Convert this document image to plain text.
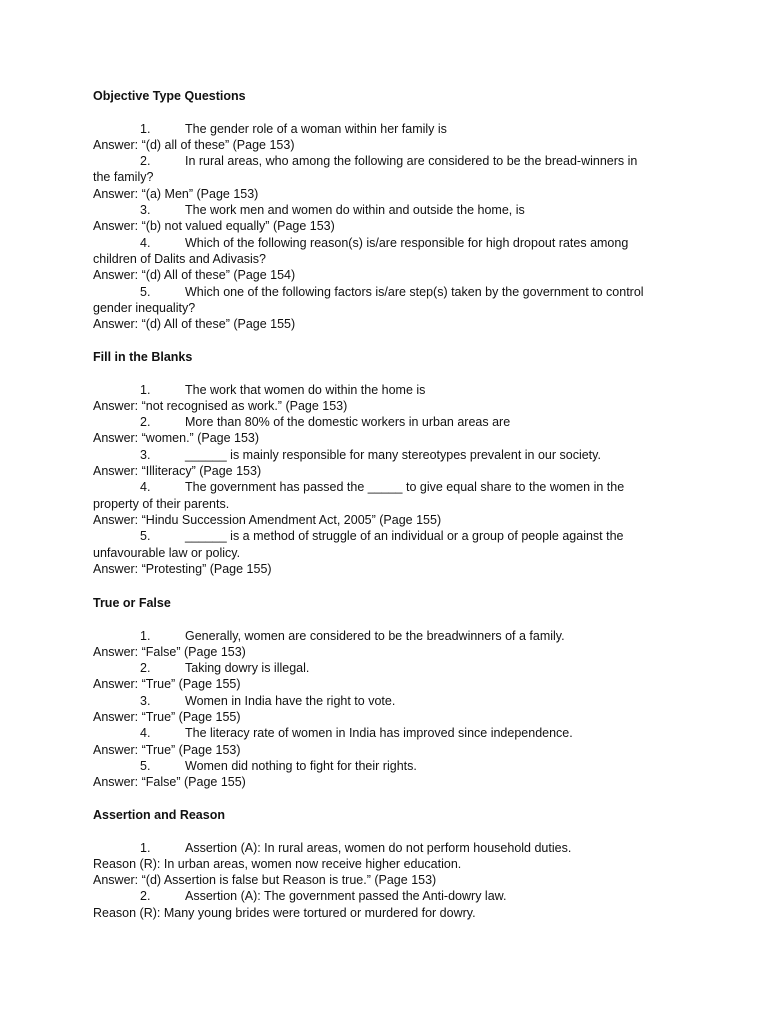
Objective Type Questions
1.	The gender role of a woman within her family is
Answer: “(d) all of these” (Page 153)
2.	In rural areas, who among the following are considered to be the bread-winners in
the family?
Answer: “(a) Men” (Page 153)
3.	The work men and women do within and outside the home, is
Answer: “(b) not valued equally” (Page 153)
4.	Which of the following reason(s) is/are responsible for high dropout rates among
children of Dalits and Adivasis?
Answer: “(d) All of these” (Page 154)
5.	Which one of the following factors is/are step(s) taken by the government to control
gender inequality?
Answer: “(d) All of these” (Page 155)
Fill in the Blanks
1.	The work that women do within the home is
Answer: “not recognised as work.” (Page 153)
2.	More than 80% of the domestic workers in urban areas are
Answer: “women.” (Page 153)
3.	______ is mainly responsible for many stereotypes prevalent in our society.
Answer: “Illiteracy” (Page 153)
4.	The government has passed the _____ to give equal share to the women in the
property of their parents.
Answer: “Hindu Succession Amendment Act, 2005” (Page 155)
5.	______ is a method of struggle of an individual or a group of people against the
unfavourable law or policy.
Answer: “Protesting” (Page 155)
True or False
1.	Generally, women are considered to be the breadwinners of a family.
Answer: “False” (Page 153)
2.	Taking dowry is illegal.
Answer: “True” (Page 155)
3.	Women in India have the right to vote.
Answer: “True” (Page 155)
4.	The literacy rate of women in India has improved since independence.
Answer: “True” (Page 153)
5.	Women did nothing to fight for their rights.
Answer: “False” (Page 155)
Assertion and Reason
1.	Assertion (A): In rural areas, women do not perform household duties.
Reason (R): In urban areas, women now receive higher education.
Answer: “(d) Assertion is false but Reason is true.” (Page 153)
2.	Assertion (A): The government passed the Anti-dowry law.
Reason (R): Many young brides were tortured or murdered for dowry.
